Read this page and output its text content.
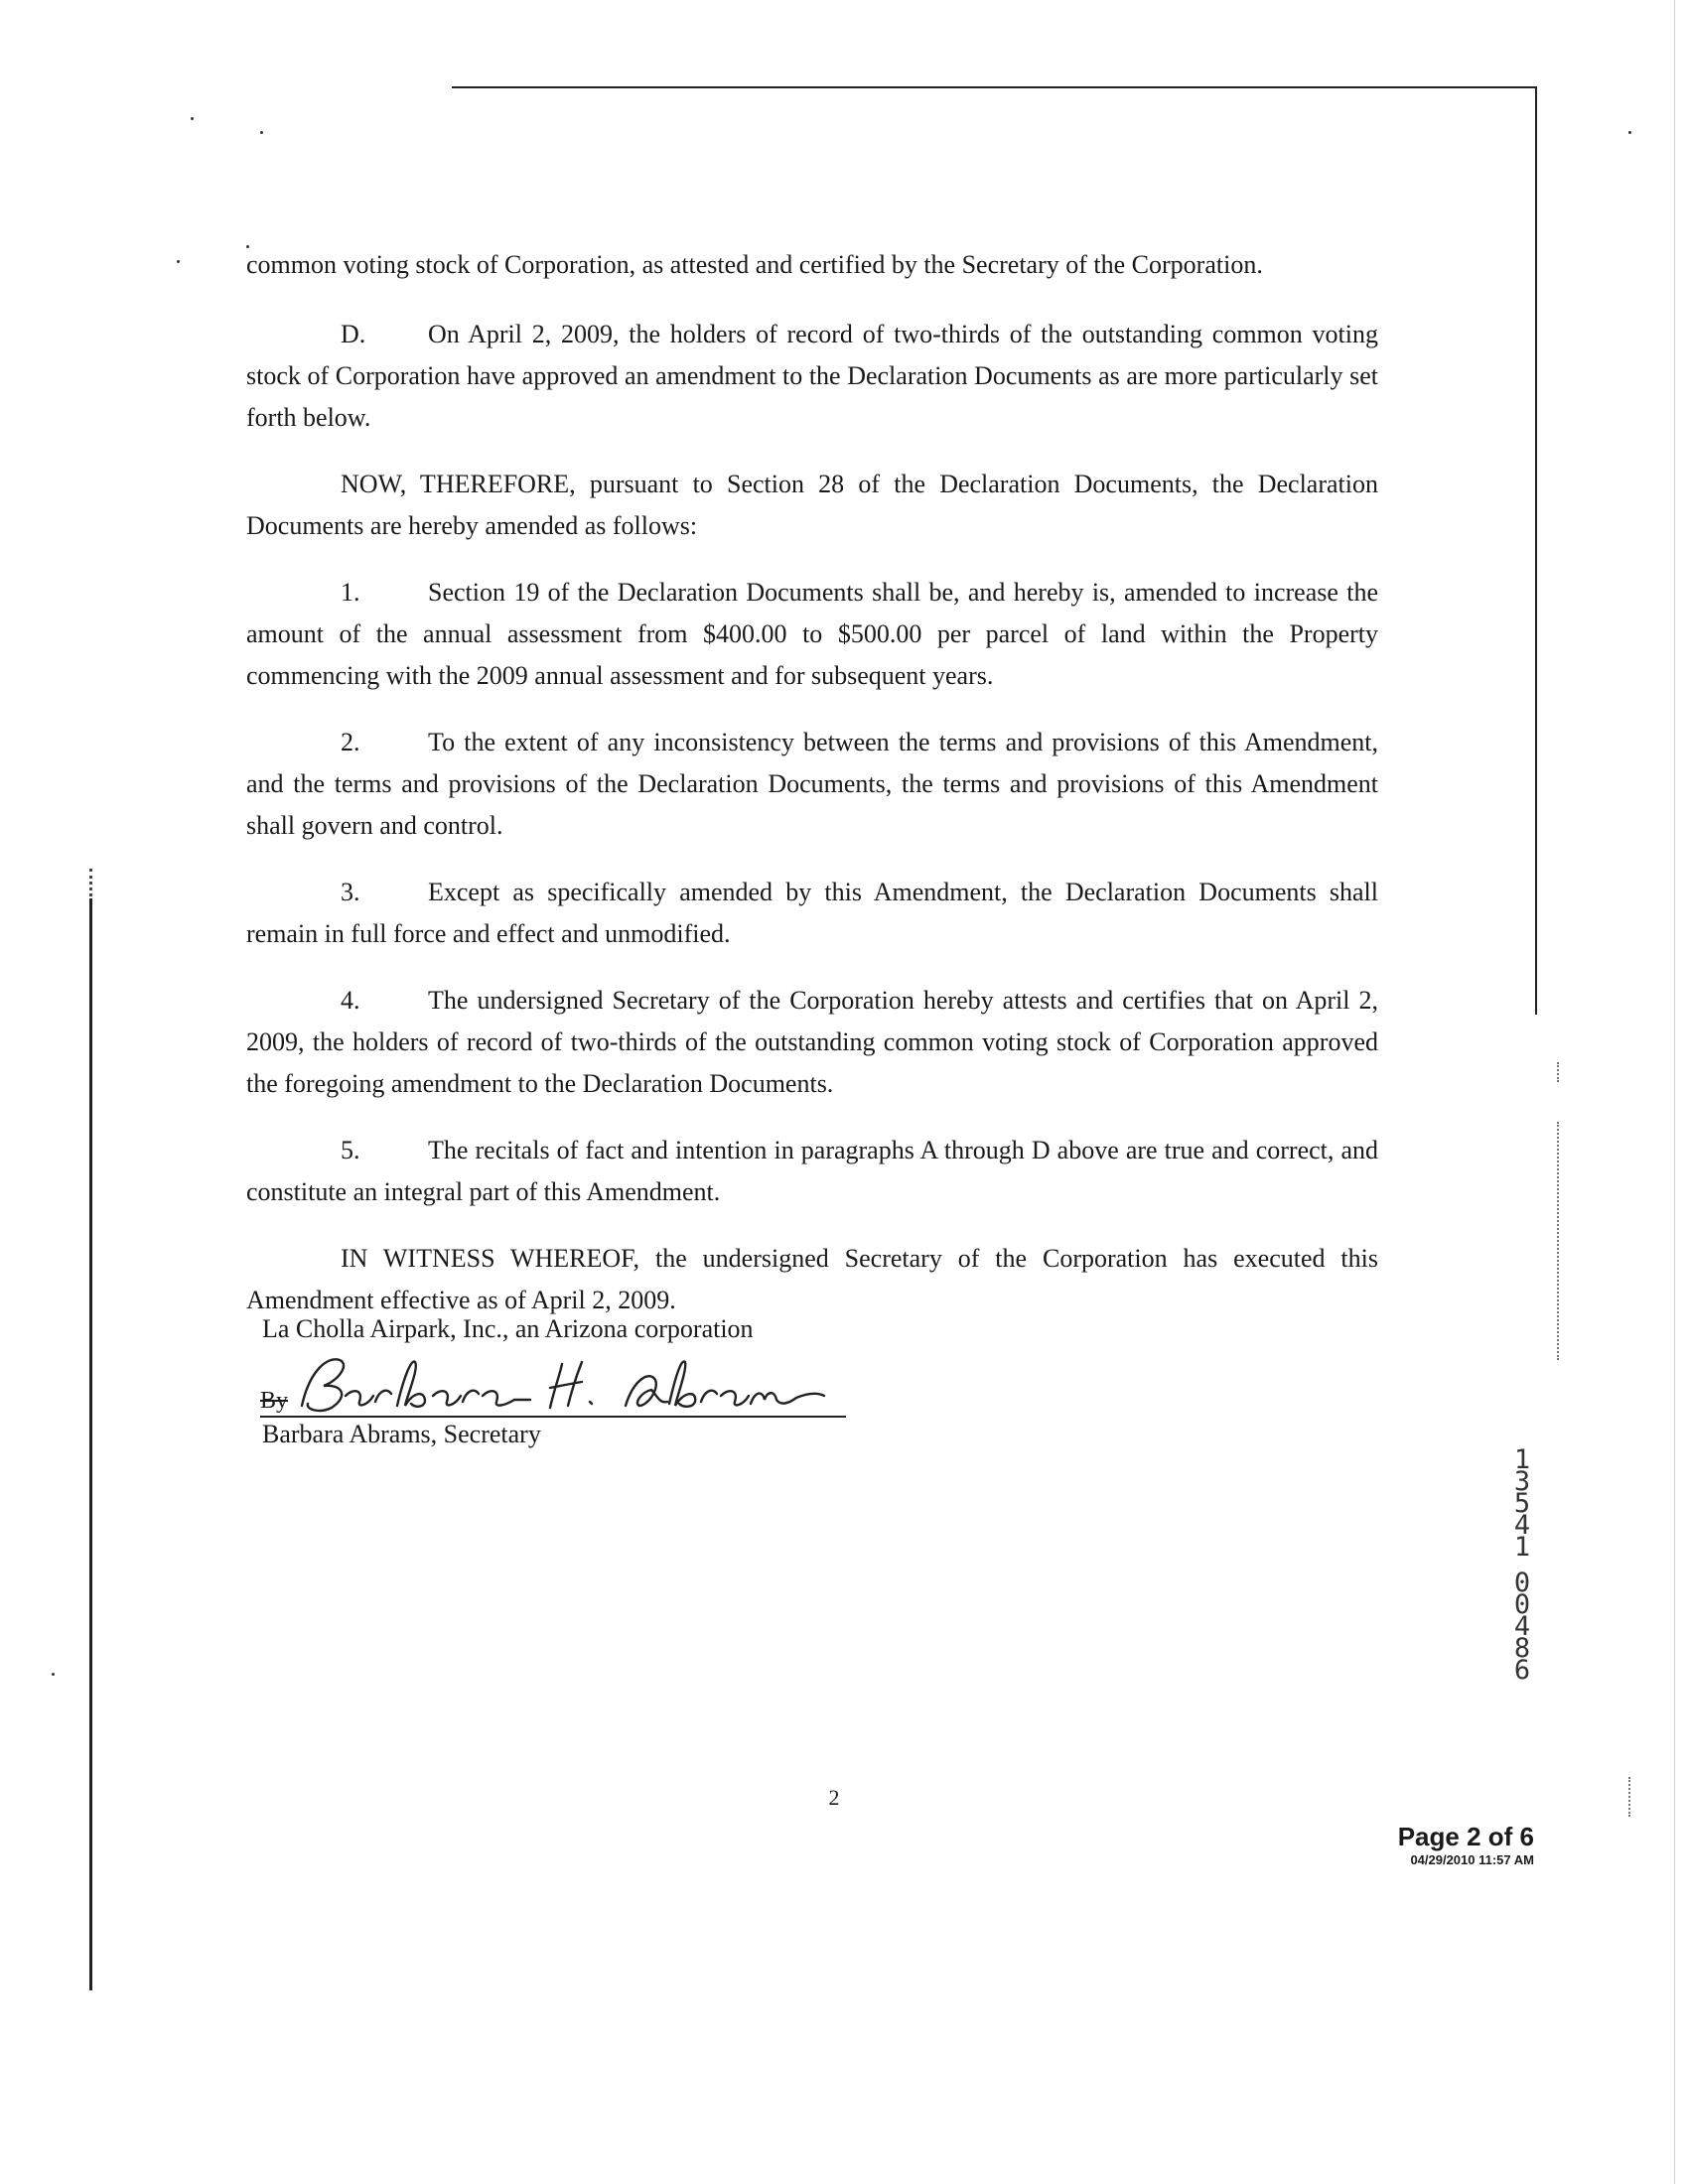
common voting stock of Corporation, as attested and certified by the Secretary of the Corporation.

D. On April 2, 2009, the holders of record of two-thirds of the outstanding common voting stock of Corporation have approved an amendment to the Declaration Documents as are more particularly set forth below.

NOW, THEREFORE, pursuant to Section 28 of the Declaration Documents, the Declaration Documents are hereby amended as follows:

1.	Section 19 of the Declaration Documents shall be, and hereby is, amended to increase the amount of the annual assessment from $400.00 to $500.00 per parcel of land within the Property commencing with the 2009 annual assessment and for subsequent years.

2.	To the extent of any inconsistency between the terms and provisions of this Amendment, and the terms and provisions of the Declaration Documents, the terms and provisions of this Amendment shall govern and control.

3.	Except as specifically amended by this Amendment, the Declaration Documents shall remain in full force and effect and unmodified.

4.	The undersigned Secretary of the Corporation hereby attests and certifies that on April 2, 2009, the holders of record of two-thirds of the outstanding common voting stock of Corporation approved the foregoing amendment to the Declaration Documents.

5.	The recitals of fact and intention in paragraphs A through D above are true and correct, and constitute an integral part of this Amendment.

IN WITNESS WHEREOF, the undersigned Secretary of the Corporation has executed this Amendment effective as of April 2, 2009.

La Cholla Airpark, Inc., an Arizona corporation
By
Barbara Abrams, Secretary
13541
00486
2
Page 2 of 6
04/29/2010 11:57 AM
